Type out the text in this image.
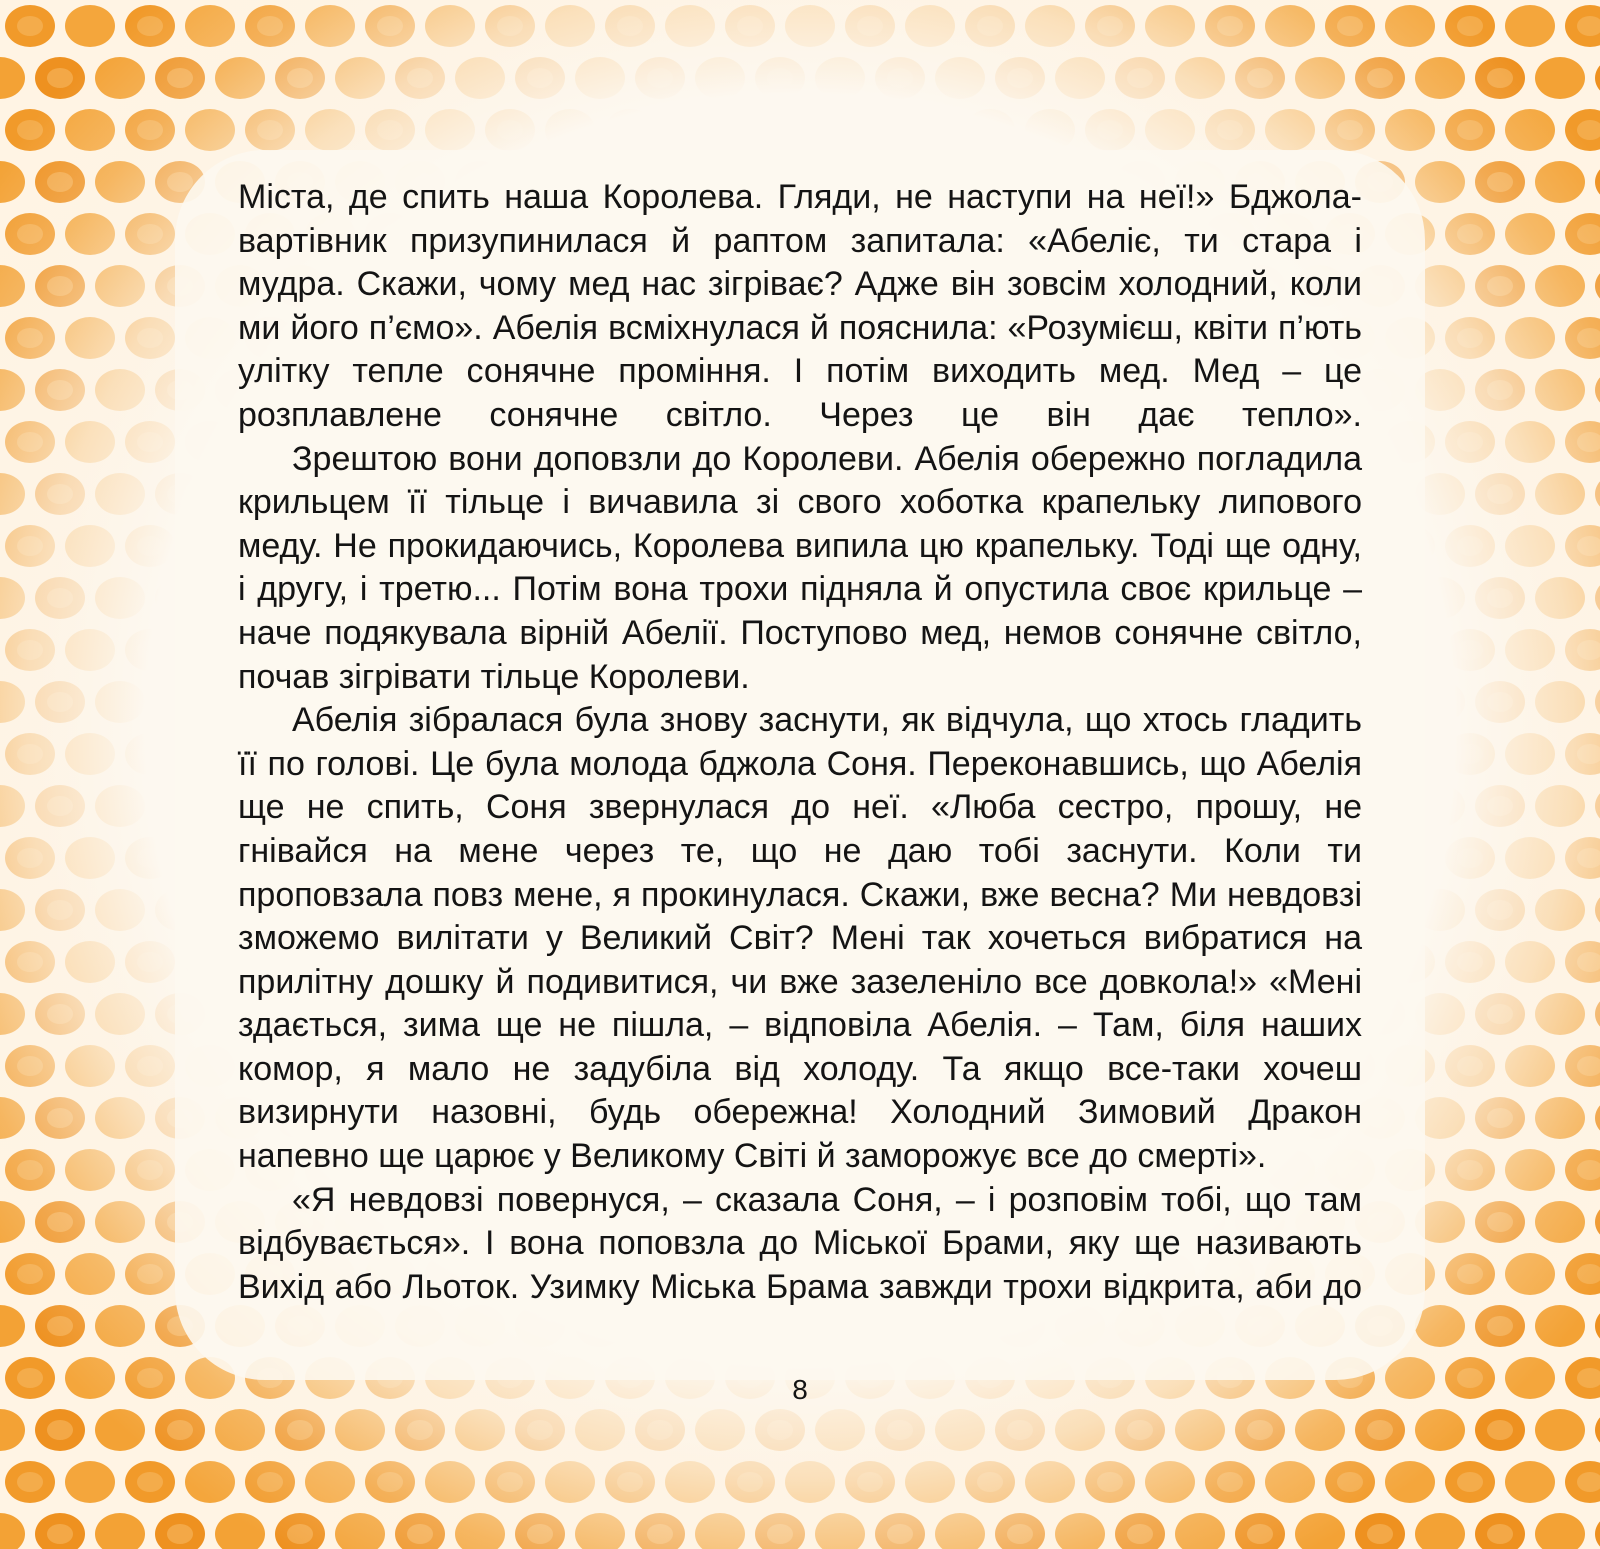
Міста, де спить наша Королева. Гляди, не наступи на неї!» Бджола-вартівник призупинилася й раптом запитала: «Абеліє, ти стара і мудра. Скажи, чому мед нас зігріває? Адже він зовсім холодний, коли ми його п’ємо». Абелія всміхнулася й пояснила: «Розумієш, квіти п’ють улітку тепле сонячне проміння. І потім виходить мед. Мед – це розплавлене сонячне світло. Через це він дає тепло».

Зрештою вони доповзли до Королеви. Абелія обережно погладила крильцем її тільце і вичавила зі свого хоботка крапельку липового меду. Не прокидаючись, Королева випила цю крапельку. Тоді ще одну, і другу, і третю... Потім вона трохи підняла й опустила своє крильце – наче подякувала вірній Абелії. Поступово мед, немов сонячне світло, почав зігрівати тільце Королеви.

Абелія зібралася була знову заснути, як відчула, що хтось гладить її по голові. Це була молода бджола Соня. Переконавшись, що Абелія ще не спить, Соня звернулася до неї. «Люба сестро, прошу, не гнівайся на мене через те, що не даю тобі заснути. Коли ти проповзала повз мене, я прокинулася. Скажи, вже весна? Ми невдовзі зможемо вилітати у Великий Світ? Мені так хочеться вибратися на прилітну дошку й подивитися, чи вже зазеленіло все довкола!» «Мені здається, зима ще не пішла, – відповіла Абелія. – Там, біля наших комор, я мало не задубіла від холоду. Та якщо все-таки хочеш визирнути назовні, будь обережна! Холодний Зимовий Дракон напевно ще царює у Великому Світі й заморожує все до смерті».

«Я невдовзі повернуся, – сказала Соня, – і розповім тобі, що там відбувається». І вона поповзла до Міської Брами, яку ще називають Вихід або Льоток. Узимку Міська Брама завжди трохи відкрита, аби до

8
